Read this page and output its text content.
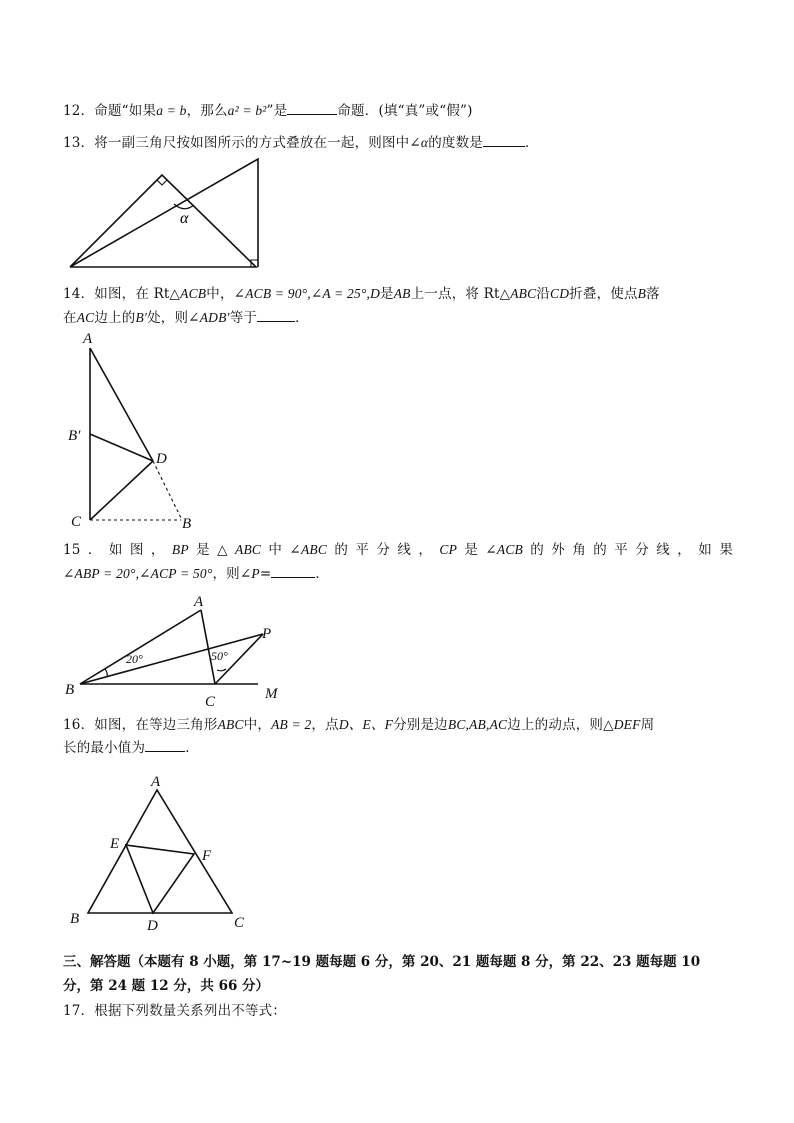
12．命题“如果a = b，那么a² = b²”是	命题．(填“真”或“假”)
13．将一副三角尺按如图所示的方式叠放在一起，则图中∠α的度数是	．
α
14．如图，在 Rt△ACB中，∠ACB = 90°,∠A = 25°,D是AB上一点，将 Rt△ABC沿CD折叠，使点B落
在AC边上的B′处，则∠ADB′等于	．
A
B′
D
C	B
15．如图，BP是△ABC中∠ABC的平分线，CP是∠ACB的外角的平分线，如果
∠ABP = 20°,∠ACP = 50°，则∠P=	．
A
P
B
C	M
20°	50°
16．如图，在等边三角形ABC中，AB = 2，点D、E、F分别是边BC,AB,AC边上的动点，则△DEF周
长的最小值为	．
A
E
F
B	D	C
三、解答题（本题有 8 小题，第 17~19 题每题 6 分，第 20、21 题每题 8 分，第 22、23 题每题 10
分，第 24 题 12 分，共 66 分）
17．根据下列数量关系列出不等式：
